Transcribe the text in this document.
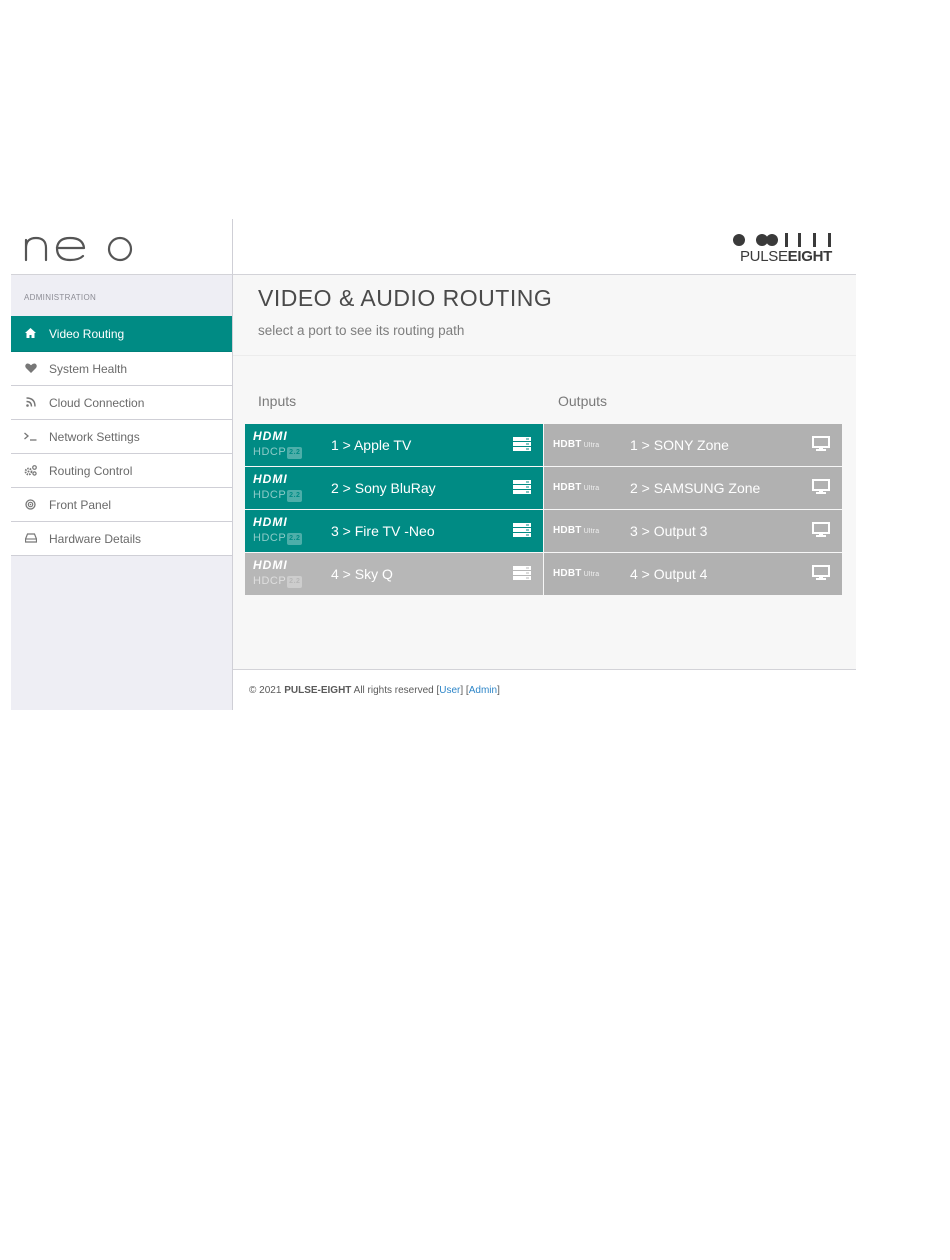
ADMINISTRATION
Video Routing
System Health
Cloud Connection
Network Settings
Routing Control
Front Panel
Hardware Details
PULSEEIGHT
VIDEO & AUDIO ROUTING
select a port to see its routing path
Inputs	Outputs
HDMI
HDCP 2.2 1 > Apple TV	HDBT Ultra 1 > SONY Zone
HDMI
HDCP 2.2 2 > Sony BluRay	HDBT Ultra 2 > SAMSUNG Zone
HDMI
HDCP 2.2 3 > Fire TV -Neo	HDBT Ultra 3 > Output 3
HDMI
HDCP 2.2 4 > Sky Q	HDBT Ultra 4 > Output 4
© 2021 PULSE-EIGHT All rights reserved [User] [Admin]
